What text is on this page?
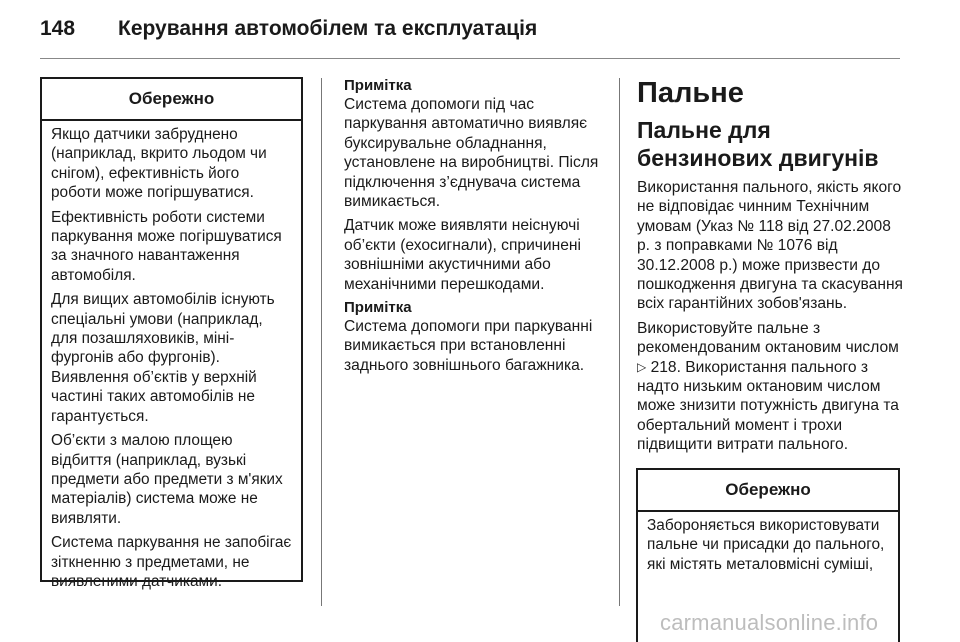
148 Керування автомобілем та експлуатація
Обережно

Якщо датчики забруднено (наприклад, вкрито льодом чи снігом), ефективність його роботи може погіршуватися.

Ефективність роботи системи паркування може погіршуватися за значного навантаження автомобіля.

Для вищих автомобілів існують спеціальні умови (наприклад, для позашляховиків, міні-фургонів або фургонів). Виявлення об’єктів у верхній частині таких автомобілів не гарантується.

Об’єкти з малою площею відбиття (наприклад, вузькі предмети або предмети з м'яких матеріалів) система може не виявляти.

Система паркування не запобігає зіткненню з предметами, не виявленими датчиками.

Примітка

Система допомоги під час паркування автоматично виявляє буксирувальне обладнання, установлене на виробництві. Після підключення з’єднувача система вимикається.

Датчик може виявляти неіснуючі об’єкти (ехосигнали), спричинені зовнішніми акустичними або механічними перешкодами.

Примітка

Система допомоги при паркуванні вимикається при встановленні заднього зовнішнього багажника.

Пальне
Пальне для бензинових двигунів

Використання пального, якість якого не відповідає чинним Технічним умовам (Указ № 118 від 27.02.2008 р. з поправками № 1076 від 30.12.2008 р.) може призвести до пошкодження двигуна та скасування всіх гарантійних зобов'язань.

Використовуйте пальне з рекомендованим октановим числом ▷ 218. Використання пального з надто низьким октановим числом може знизити потужність двигуна та обертальний момент і трохи підвищити витрати пального.

Обережно

Забороняється використовувати пальне чи присадки до пального, які містять металовмісні суміші,

carmanualsonline.info
